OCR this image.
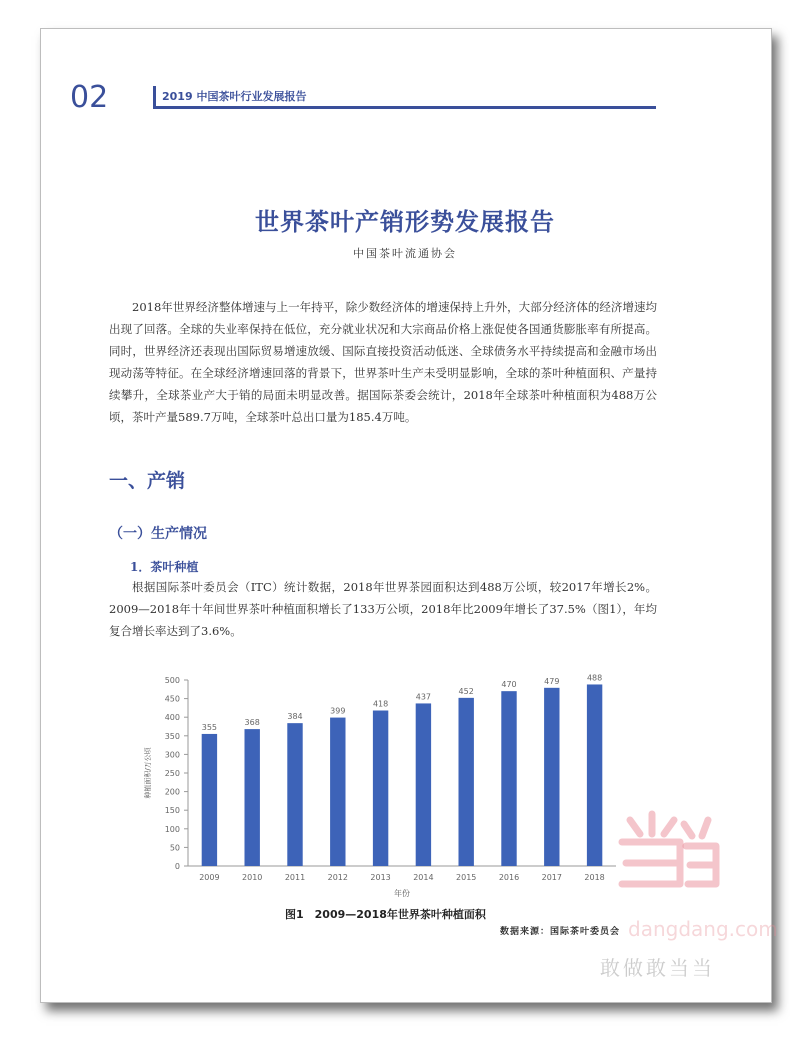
02	2019 中国茶叶行业发展报告
世界茶叶产销形势发展报告
中国茶叶流通协会

2018年世界经济整体增速与上一年持平，除少数经济体的增速保持上升外，大部分经济体的经济增速均出现了回落。全球的失业率保持在低位，充分就业状况和大宗商品价格上涨促使各国通货膨胀率有所提高。同时，世界经济还表现出国际贸易增速放缓、国际直接投资活动低迷、全球债务水平持续提高和金融市场出现动荡等特征。在全球经济增速回落的背景下，世界茶叶生产未受明显影响，全球的茶叶种植面积、产量持续攀升，全球茶业产大于销的局面未明显改善。据国际茶委会统计，2018年全球茶叶种植面积为488万公顷，茶叶产量589.7万吨，全球茶叶总出口量为185.4万吨。

一、产销
（一）生产情况
1．茶叶种植

根据国际茶叶委员会（ITC）统计数据，2018年世界茶园面积达到488万公顷，较2017年增长2%。2009—2018年十年间世界茶叶种植面积增长了133万公顷，2018年比2009年增长了37.5%（图1），年均复合增长率达到了3.6%。

0
50
100
150
200
250
300
350
400
450
500
种植面积/万公顷
355
2009
368
2010
384
2011
399
2012
418
2013
437
2014
452
2015
470
2016
479
2017
488
2018
年份
图1　2009—2018年世界茶叶种植面积
数据来源：国际茶叶委员会 dangdang.com
敢做敢当当
